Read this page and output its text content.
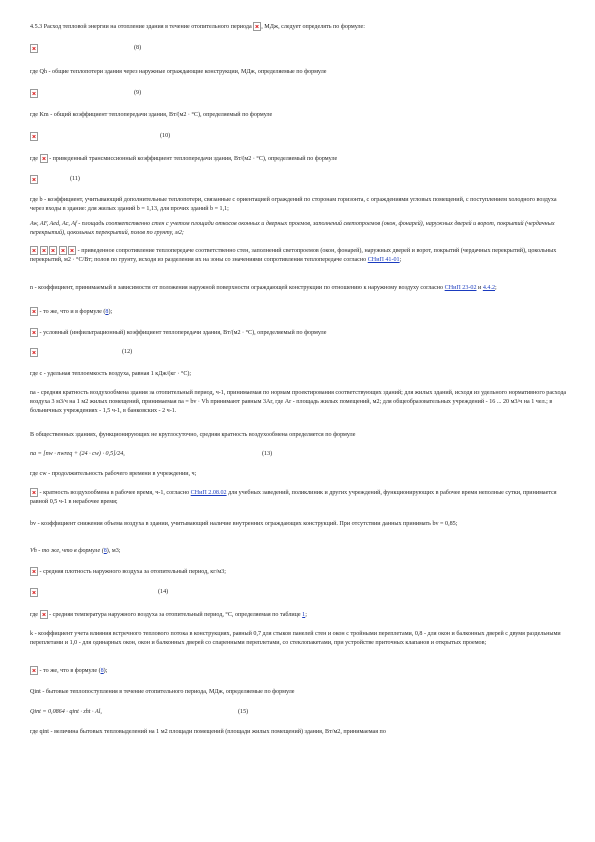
4.5.3 Расход тепловой энергии на отопление здания в течение отопительного периода , МДж, следует определять по формуле:

(8)

где Qh - общие теплопотери здания через наружные ограждающие конструкции, МДж, определяемые по формуле

(9)

где Km - общий коэффициент теплопередачи здания, Вт/(м2 · °С), определяемый по формуле

(10)

где - приведенный трансмиссионный коэффициент теплопередачи здания, Вт/(м2 · °С), определяемый по формуле

(11)

где b - коэффициент, учитывающий дополнительные теплопотери, связанные с ориентацией ограждений по сторонам горизонта, с ограждениями угловых помещений, с поступлением холодного воздуха через входы в здание: для жилых зданий b = 1,13, для прочих зданий b = 1,1;

Aw, AF, Aed, Ac, Af - площадь соответственно стен с учетом площади откосов оконных и дверных проемов, заполнений светопроемов (окон, фонарей), наружных дверей и ворот, покрытий (чердачных перекрытий), цокольных перекрытий, полов по грунту, м2;

- приведенное сопротивление теплопередаче соответственно стен, заполнений светопроемов (окон, фонарей), наружных дверей и ворот, покрытий (чердачных перекрытий), цокольных перекрытий, м2 · °С/Вт; полов по грунту, исходя из разделения их на зоны со значениями сопротивления теплопередаче согласно СНиП 41-01;

n - коэффициент, принимаемый в зависимости от положения наружной поверхности ограждающей конструкции по отношению к наружному воздуху согласно СНиП 23-02 и 4.4.2;

- то же, что и в формуле (8);

- условный (инфильтрационный) коэффициент теплопередачи здания, Вт/(м2 · °С), определяемый по формуле

(12)

где c - удельная теплоемкость воздуха, равная 1 кДж/(кг · °С);

na - средняя кратность воздухообмена здания за отопительный период, ч-1, принимаемая по нормам проектирования соответствующих зданий; для жилых зданий, исходя из удельного нормативного расхода воздуха 3 м3/ч на 1 м2 жилых помещений, принимаемая na = bv · Vh принимают равным 3Ar, где Ar - площадь жилых помещений, м2; для общеобразовательных учреждений - 16 ... 20 м3/ч на 1 чел.; в больничных учреждениях - 1,5 ч-1, в банковских - 2 ч-1.

В общественных зданиях, функционирующих не круглосуточно, средняя кратность воздухообмена определяется по формуле

na = [nw · nwreq + (24 · cw) · 0,5]/24,	(13)

где cw - продолжительность рабочего времени в учреждении, ч;

- кратность воздухообмена в рабочее время, ч-1, согласно СНиП 2.08.02 для учебных заведений, поликлиник и других учреждений, функционирующих в рабочее время неполные сутки, принимается равной 0,5 ч-1 в нерабочее время;

bv - коэффициент снижения объема воздуха в здании, учитывающий наличие внутренних ограждающих конструкций. При отсутствии данных принимать bv = 0,85;

Vh - то же, что в формуле (8), м3;

- средняя плотность наружного воздуха за отопительный период, кг/м3;

(14)

где - средняя температура наружного воздуха за отопительный период, °С, определяемая по таблице 1;

k - коэффициент учета влияния встречного теплового потока в конструкциях, равный 0,7 для стыков панелей стен и окон с тройными переплетами, 0,8 - для окон и балконных дверей с двумя раздельными переплетами и 1,0 - для одинарных окон, окон и балконных дверей со спаренными переплетами, со стеклопакетами, при устройстве приточных клапанов и открытых проемов;

- то же, что в формуле (8);

Qint - бытовые теплопоступления в течение отопительного периода, МДж, определяемые по формуле

Qint = 0,0864 · qint · zht · Al,	(15)

где qint - величина бытовых тепловыделений на 1 м2 площади помещений (площади жилых помещений) здания, Вт/м2, принимаемая по
